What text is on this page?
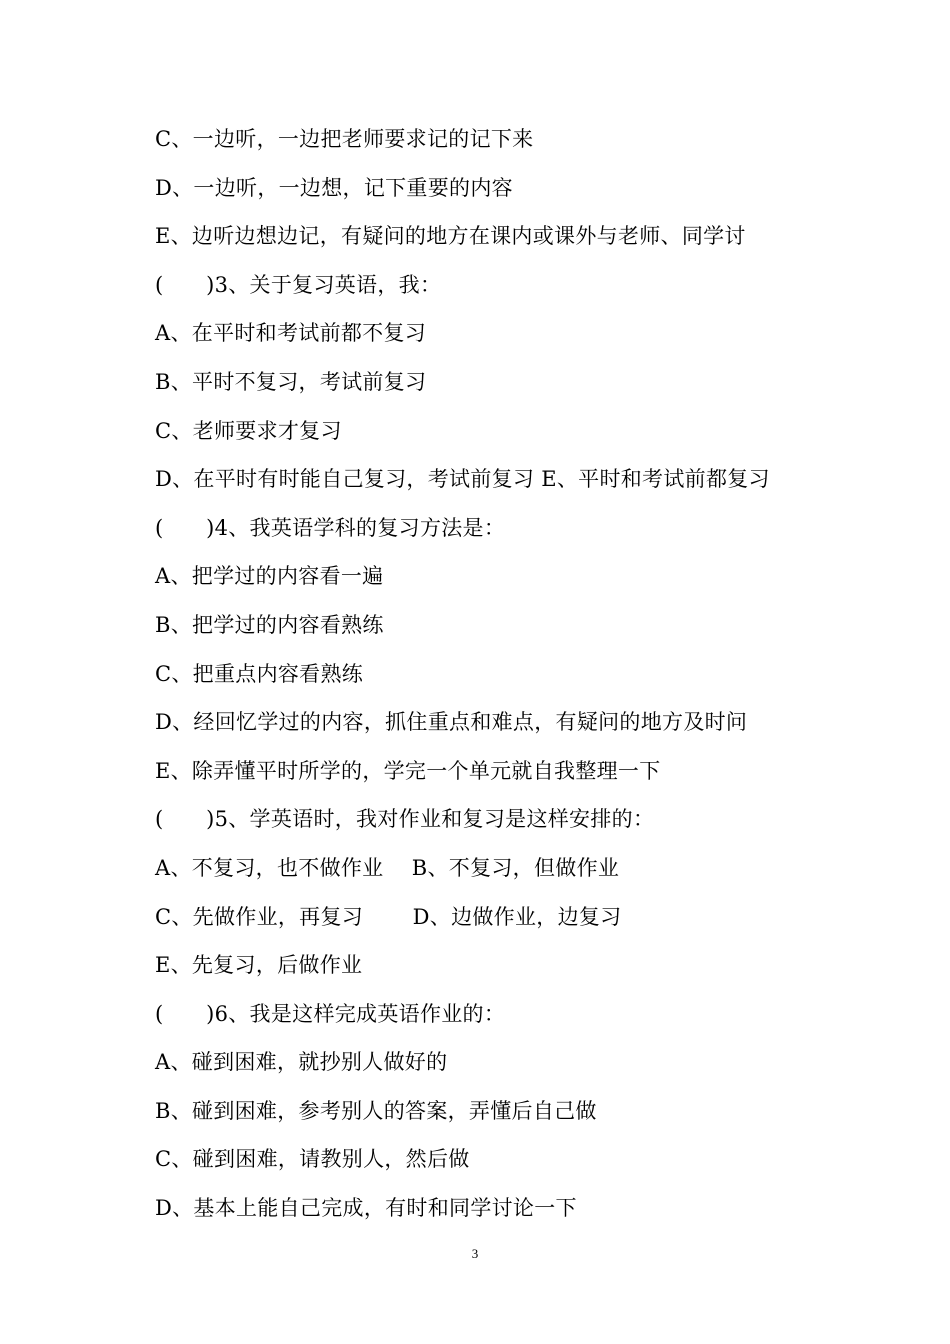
C、一边听，一边把老师要求记的记下来
D、一边听，一边想，记下重要的内容
E、边听边想边记，有疑问的地方在课内或课外与老师、同学讨
(　　)3、关于复习英语，我：
A、在平时和考试前都不复习
B、平时不复习，考试前复习
C、老师要求才复习
D、在平时有时能自己复习，考试前复习 E、平时和考试前都复习
(　　)4、我英语学科的复习方法是：
A、把学过的内容看一遍
B、把学过的内容看熟练
C、把重点内容看熟练
D、经回忆学过的内容，抓住重点和难点，有疑问的地方及时问
E、除弄懂平时所学的，学完一个单元就自我整理一下
(　　)5、学英语时，我对作业和复习是这样安排的：
A、不复习，也不做作业　 B、不复习，但做作业
C、先做作业，再复习　 　D、边做作业，边复习
E、先复习，后做作业
(　　)6、我是这样完成英语作业的：
A、碰到困难，就抄别人做好的
B、碰到困难，参考别人的答案，弄懂后自己做
C、碰到困难，请教别人，然后做
D、基本上能自己完成，有时和同学讨论一下
3
